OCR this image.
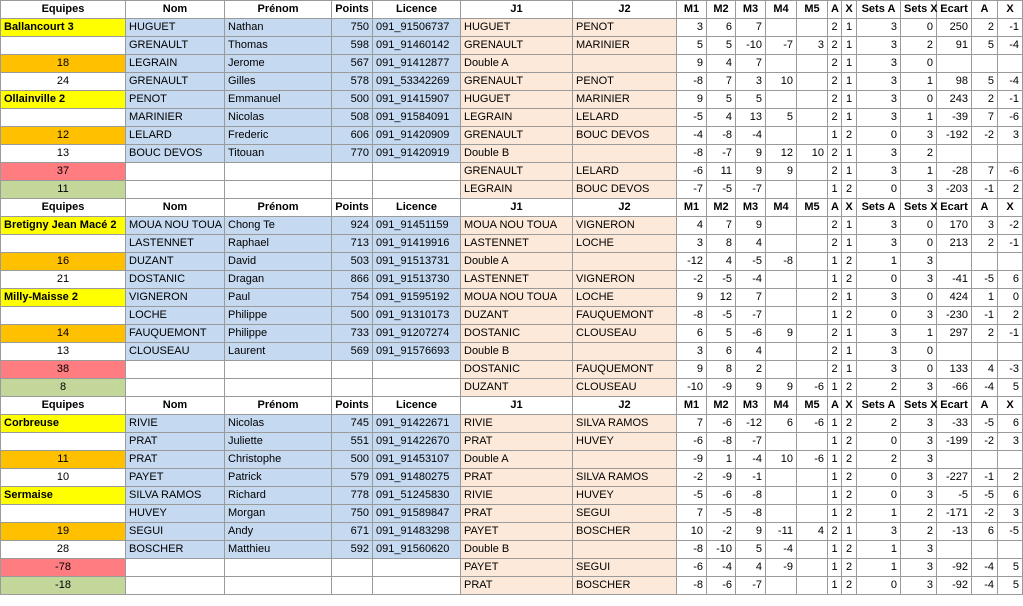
Equipes	Nom	Prénom	Points	Licence	J1	J2	M1	M2	M3	M4	M5	A	X	Sets A	Sets X	Ecart	A	X
Ballancourt 3	HUGUET	Nathan	750	091_91506737	HUGUET	PENOT	3	6	7			2	1	3	0	250	2	-1
	GRENAULT	Thomas	598	091_91460142	GRENAULT	MARINIER	5	5	-10	-7	3	2	1	3	2	91	5	-4
18	LEGRAIN	Jerome	567	091_91412877	Double A		9	4	7			2	1	3	0			
24	GRENAULT	Gilles	578	091_53342269	GRENAULT	PENOT	-8	7	3	10		2	1	3	1	98	5	-4
Ollainville 2	PENOT	Emmanuel	500	091_91415907	HUGUET	MARINIER	9	5	5			2	1	3	0	243	2	-1
	MARINIER	Nicolas	508	091_91584091	LEGRAIN	LELARD	-5	4	13	5		2	1	3	1	-39	7	-6
12	LELARD	Frederic	606	091_91420909	GRENAULT	BOUC DEVOS	-4	-8	-4			1	2	0	3	-192	-2	3
13	BOUC DEVOS	Titouan	770	091_91420919	Double B		-8	-7	9	12	10	2	1	3	2			
37					GRENAULT	LELARD	-6	11	9	9		2	1	3	1	-28	7	-6
11					LEGRAIN	BOUC DEVOS	-7	-5	-7			1	2	0	3	-203	-1	2
Equipes	Nom	Prénom	Points	Licence	J1	J2	M1	M2	M3	M4	M5	A	X	Sets A	Sets X	Ecart	A	X
Bretigny Jean Macé 2	MOUA NOU TOUA	Chong Te	924	091_91451159	MOUA NOU TOUA	VIGNERON	4	7	9			2	1	3	0	170	3	-2
	LASTENNET	Raphael	713	091_91419916	LASTENNET	LOCHE	3	8	4			2	1	3	0	213	2	-1
16	DUZANT	David	503	091_91513731	Double A		-12	4	-5	-8		1	2	1	3			
21	DOSTANIC	Dragan	866	091_91513730	LASTENNET	VIGNERON	-2	-5	-4			1	2	0	3	-41	-5	6
Milly-Maisse 2	VIGNERON	Paul	754	091_91595192	MOUA NOU TOUA	LOCHE	9	12	7			2	1	3	0	424	1	0
	LOCHE	Philippe	500	091_91310173	DUZANT	FAUQUEMONT	-8	-5	-7			1	2	0	3	-230	-1	2
14	FAUQUEMONT	Philippe	733	091_91207274	DOSTANIC	CLOUSEAU	6	5	-6	9		2	1	3	1	297	2	-1
13	CLOUSEAU	Laurent	569	091_91576693	Double B		3	6	4			2	1	3	0			
38					DOSTANIC	FAUQUEMONT	9	8	2			2	1	3	0	133	4	-3
8					DUZANT	CLOUSEAU	-10	-9	9	9	-6	1	2	2	3	-66	-4	5
Equipes	Nom	Prénom	Points	Licence	J1	J2	M1	M2	M3	M4	M5	A	X	Sets A	Sets X	Ecart	A	X
Corbreuse	RIVIE	Nicolas	745	091_91422671	RIVIE	SILVA RAMOS	7	-6	-12	6	-6	1	2	2	3	-33	-5	6
	PRAT	Juliette	551	091_91422670	PRAT	HUVEY	-6	-8	-7			1	2	0	3	-199	-2	3
11	PRAT	Christophe	500	091_91453107	Double A		-9	1	-4	10	-6	1	2	2	3			
10	PAYET	Patrick	579	091_91480275	PRAT	SILVA RAMOS	-2	-9	-1			1	2	0	3	-227	-1	2
Sermaise	SILVA RAMOS	Richard	778	091_51245830	RIVIE	HUVEY	-5	-6	-8			1	2	0	3	-5	-5	6
	HUVEY	Morgan	750	091_91589847	PRAT	SEGUI	7	-5	-8			1	2	1	2	-171	-2	3
19	SEGUI	Andy	671	091_91483298	PAYET	BOSCHER	10	-2	9	-11	4	2	1	3	2	-13	6	-5
28	BOSCHER	Matthieu	592	091_91560620	Double B		-8	-10	5	-4		1	2	1	3			
-78					PAYET	SEGUI	-6	-4	4	-9		1	2	1	3	-92	-4	5
-18					PRAT	BOSCHER	-8	-6	-7			1	2	0	3	-92	-4	5
